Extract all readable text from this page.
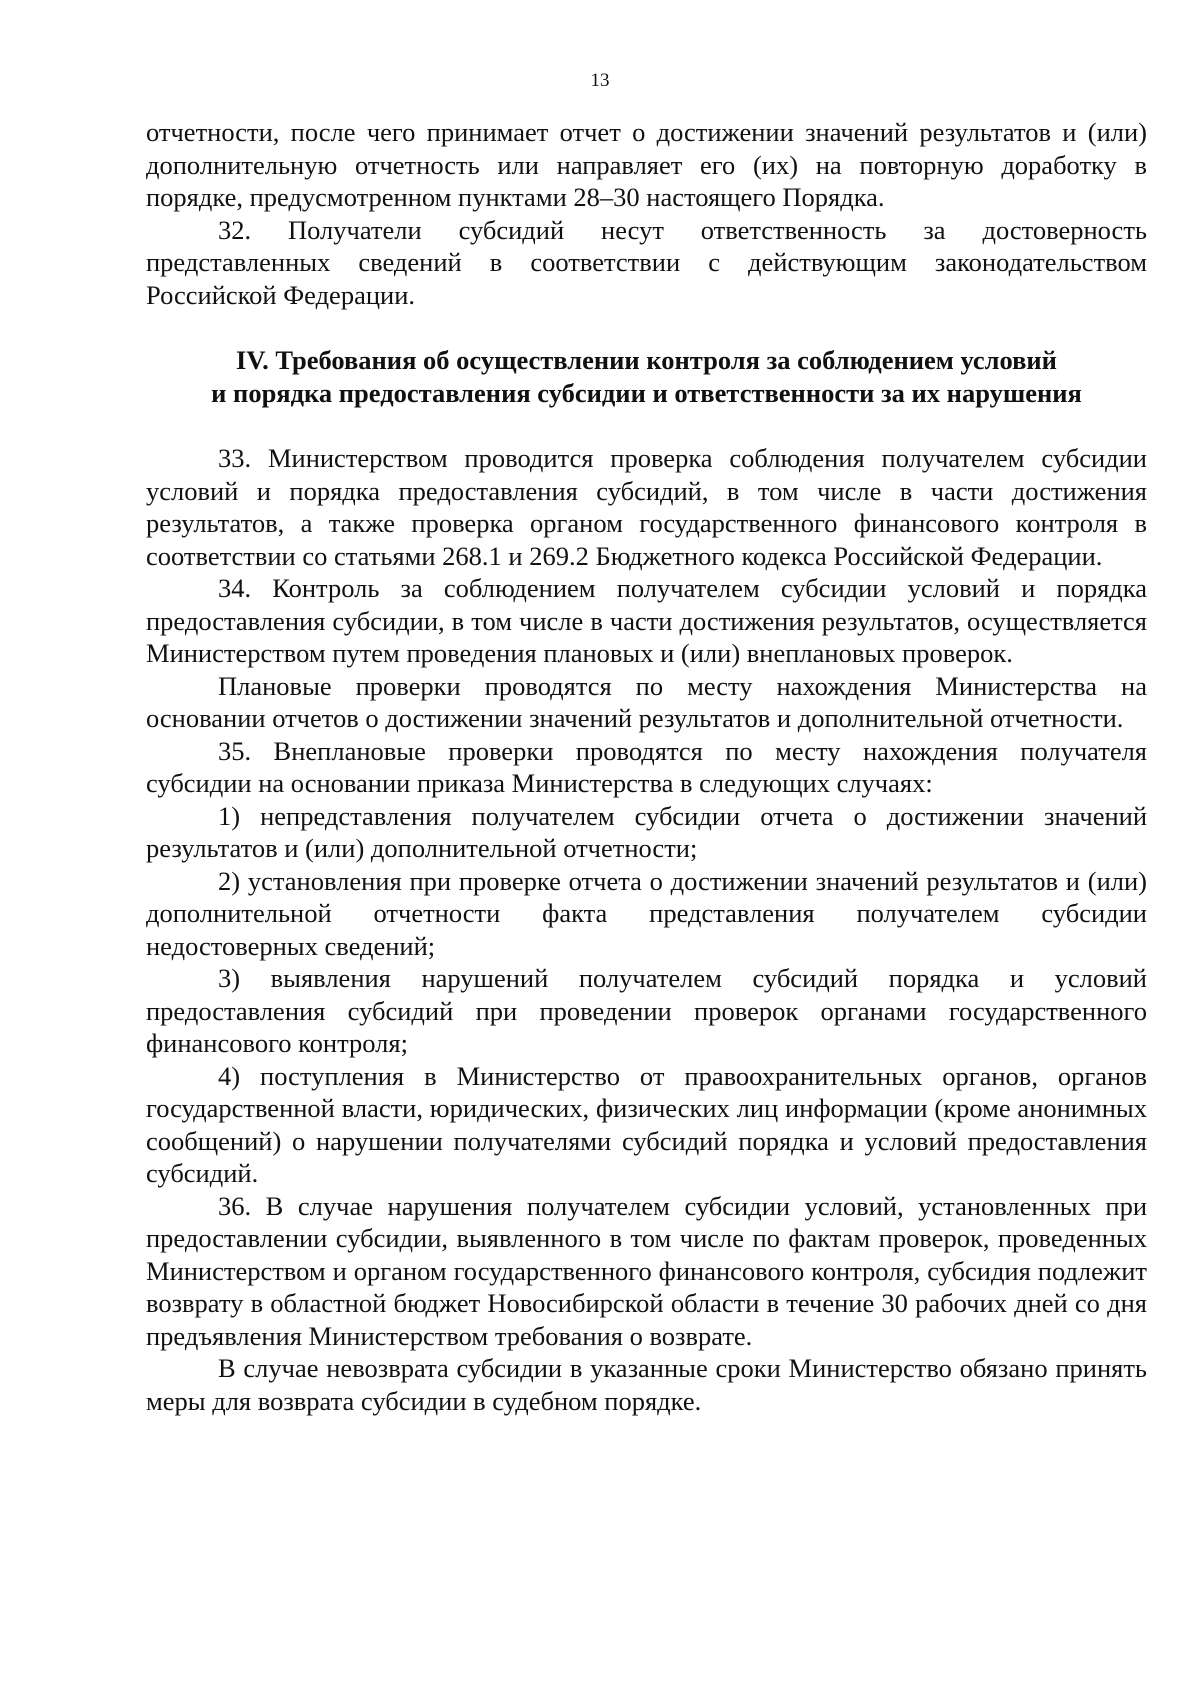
13

отчетности, после чего принимает отчет о достижении значений результатов и (или) дополнительную отчетность или направляет его (их) на повторную доработку в порядке, предусмотренном пунктами 28–30 настоящего Порядка.

32. Получатели субсидий несут ответственность за достоверность представленных сведений в соответствии с действующим законодательством Российской Федерации.

IV. Требования об осуществлении контроля за соблюдением условий
и порядка предоставления субсидии и ответственности за их нарушения

33. Министерством проводится проверка соблюдения получателем субсидии условий и порядка предоставления субсидий, в том числе в части достижения результатов, а также проверка органом государственного финансового контроля в соответствии со статьями 268.1 и 269.2 Бюджетного кодекса Российской Федерации.

34. Контроль за соблюдением получателем субсидии условий и порядка предоставления субсидии, в том числе в части достижения результатов, осуществляется Министерством путем проведения плановых и (или) внеплановых проверок.

Плановые проверки проводятся по месту нахождения Министерства на основании отчетов о достижении значений результатов и дополнительной отчетности.

35. Внеплановые проверки проводятся по месту нахождения получателя субсидии на основании приказа Министерства в следующих случаях:

1) непредставления получателем субсидии отчета о достижении значений результатов и (или) дополнительной отчетности;

2) установления при проверке отчета о достижении значений результатов и (или) дополнительной отчетности факта представления получателем субсидии недостоверных сведений;

3) выявления нарушений получателем субсидий порядка и условий предоставления субсидий при проведении проверок органами государственного финансового контроля;

4) поступления в Министерство от правоохранительных органов, органов государственной власти, юридических, физических лиц информации (кроме анонимных сообщений) о нарушении получателями субсидий порядка и условий предоставления субсидий.

36. В случае нарушения получателем субсидии условий, установленных при предоставлении субсидии, выявленного в том числе по фактам проверок, проведенных Министерством и органом государственного финансового контроля, субсидия подлежит возврату в областной бюджет Новосибирской области в течение 30 рабочих дней со дня предъявления Министерством требования о возврате.

В случае невозврата субсидии в указанные сроки Министерство обязано принять меры для возврата субсидии в судебном порядке.
